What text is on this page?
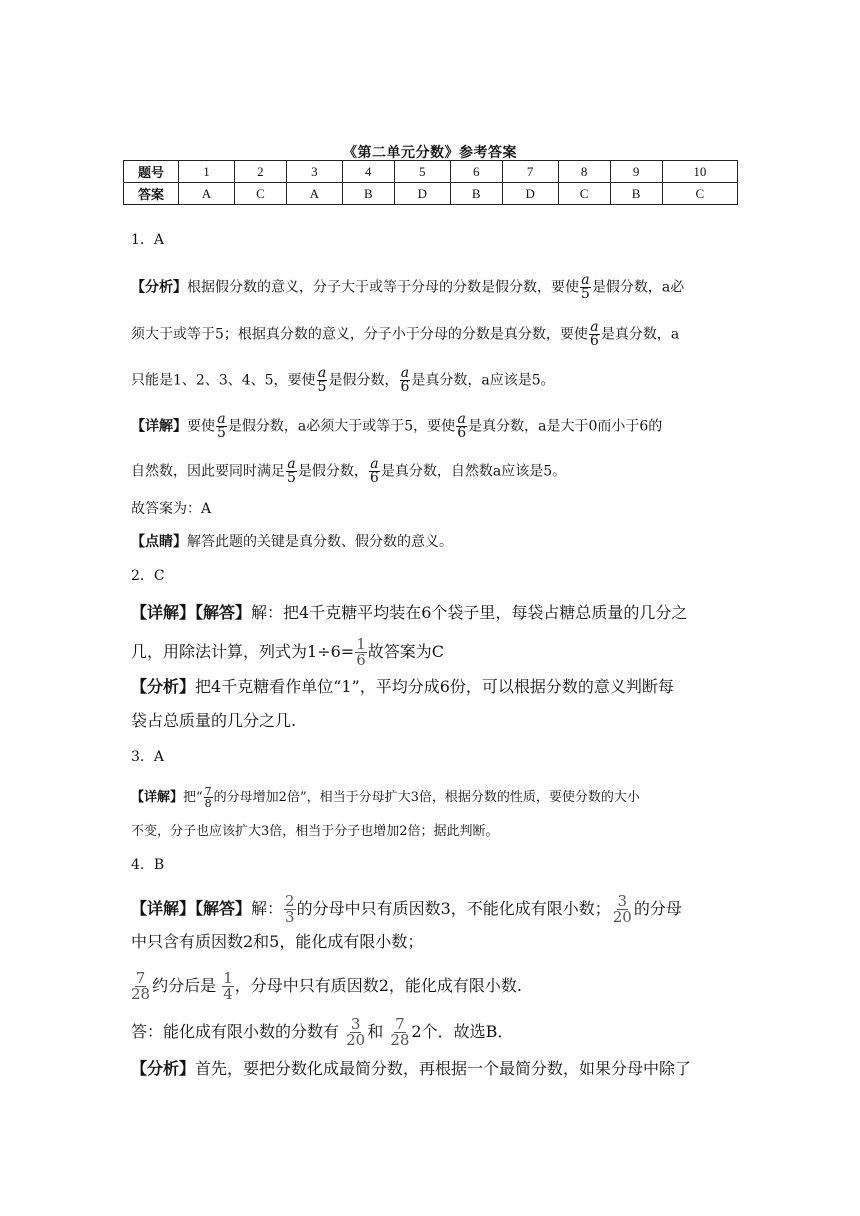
《第二单元分数》参考答案
题号	1	2	3	4	5	6	7	8	9	10
答案	A	C	A	B	D	B	D	C	B	C
1．A
【分析】根据假分数的意义，分子大于或等于分母的分数是假分数，要使 $\frac{a}{5}$ 是假分数，a必
须大于或等于5；根据真分数的意义，分子小于分母的分数是真分数，要使 $\frac{a}{6}$ 是真分数，a
只能是1、2、3、4、5，要使 $\frac{a}{5}$ 是假分数， $\frac{a}{6}$ 是真分数，a应该是5。
【详解】要使 $\frac{a}{5}$ 是假分数，a必须大于或等于5，要使 $\frac{a}{6}$ 是真分数，a是大于0而小于6的
自然数，因此要同时满足 $\frac{a}{5}$ 是假分数， $\frac{a}{6}$ 是真分数，自然数a应该是5。
故答案为：A
【点睛】解答此题的关键是真分数、假分数的意义。
2．C
【详解】【解答】解：把4千克糖平均装在6个袋子里，每袋占糖总质量的几分之
几，用除法计算，列式为$1\div 6= \frac{1}{6}$ 故答案为C
【分析】把4千克糖看作单位“1”，平均分成6份，可以根据分数的意义判断每
袋占总质量的几分之几.
3．A
【详解】把“ $\frac{7}{8}$ 的分母增加2倍”，相当于分母扩大3倍，根据分数的性质，要使分数的大小
不变，分子也应该扩大3倍，相当于分子也增加2倍；据此判断。
4．B
【详解】【解答】解： $\frac{2}{3}$ 的分母中只有质因数3，不能化成有限小数； $\frac{3}{20}$ 的分母
中只含有质因数2和5，能化成有限小数；
$\frac{7}{28}$ 约分后是 $\frac{1}{4}$ ，分母中只有质因数2，能化成有限小数.
答：能化成有限小数的分数有 $\frac{3}{20}$ 和 $\frac{7}{28} 2$个．故选B．
【分析】首先，要把分数化成最简分数，再根据一个最简分数，如果分母中除了
